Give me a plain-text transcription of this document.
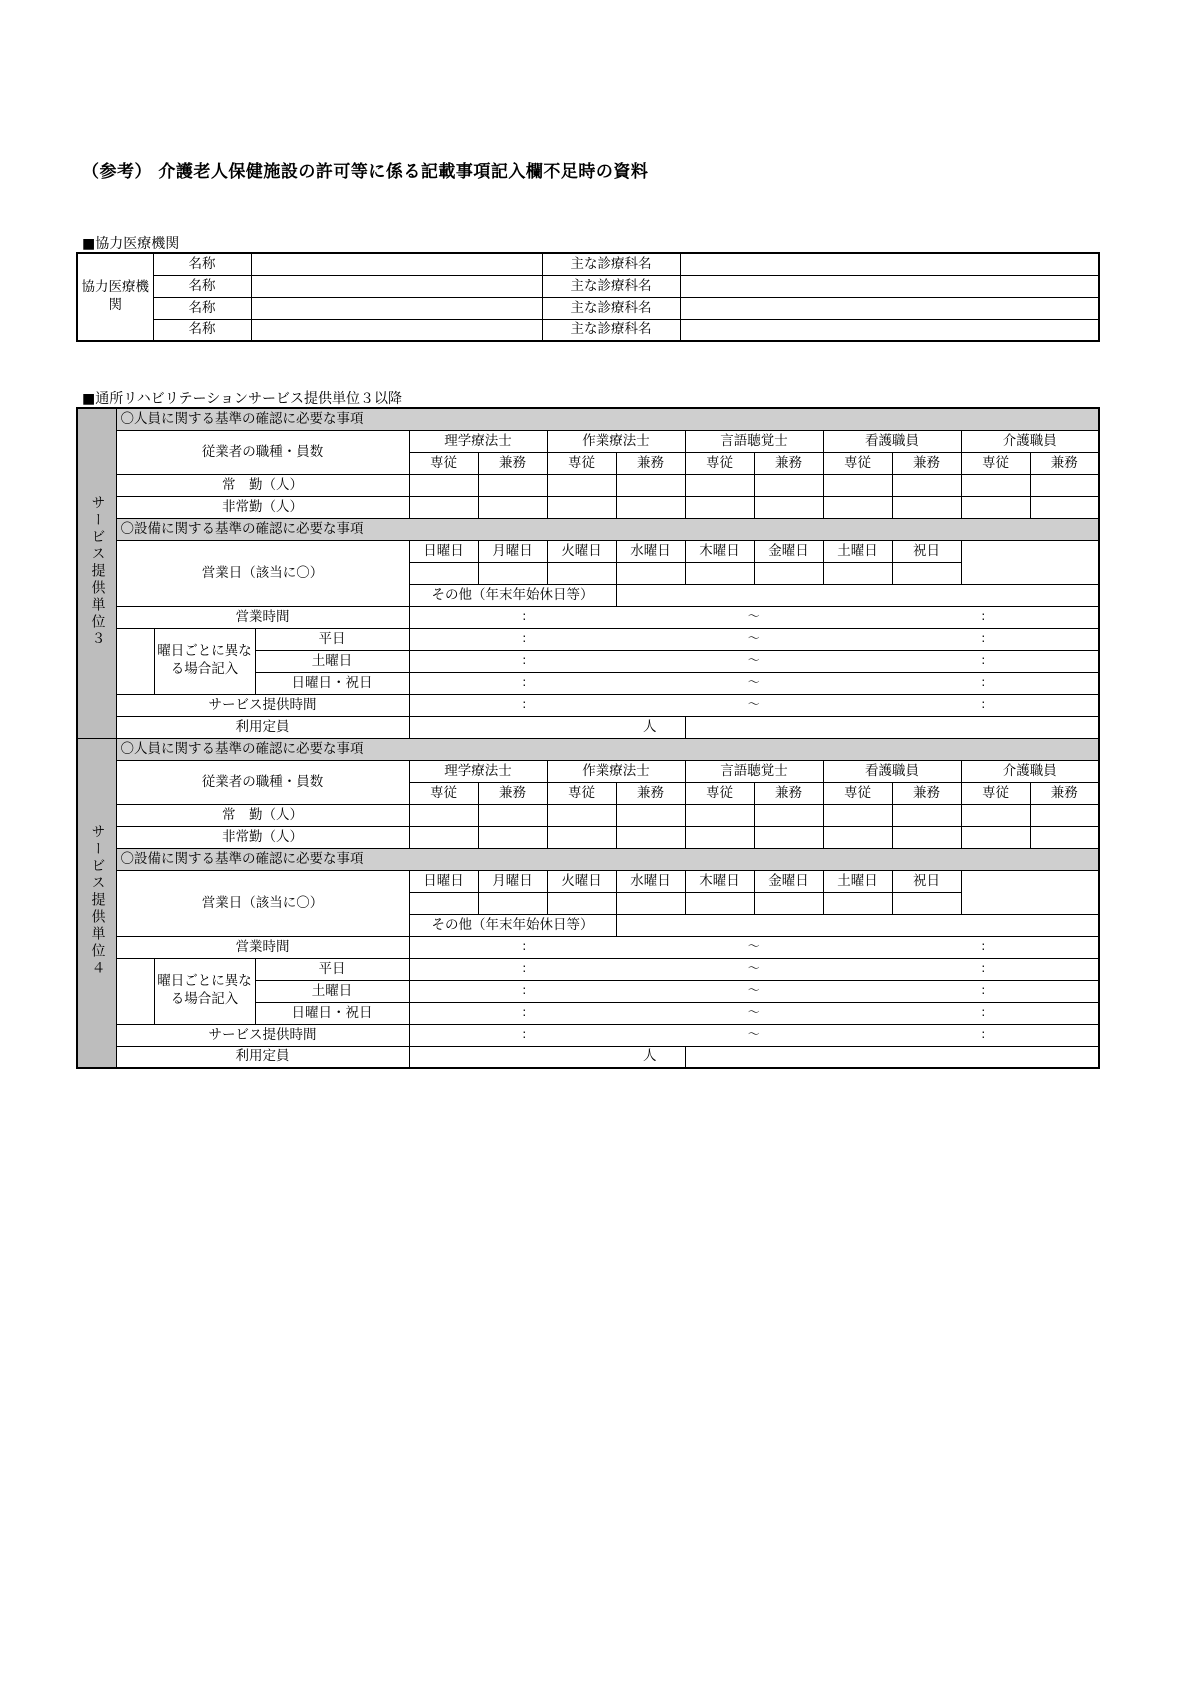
（参考） 介護老人保健施設の許可等に係る記載事項記入欄不足時の資料
■協力医療機関
協力医療機関	名称		主な診療科名	
	名称		主な診療科名	
	名称		主な診療科名	
	名称		主な診療科名	
■通所リハビリテーションサービス提供単位３以降
サービス提供単位３	〇人員に関する基準の確認に必要な事項												
	従業者の職種・員数			理学療法士		作業療法士		言語聴覚士		看護職員		介護職員	
				専従	兼務	専従	兼務	専従	兼務	専従	兼務	専従	兼務
	常　勤（人）												
	非常勤（人）												
	〇設備に関する基準の確認に必要な事項												
	営業日（該当に〇）			日曜日	月曜日	火曜日	水曜日	木曜日	金曜日	土曜日	祝日		

				その他（年末年始休日等）									
	営業時間			: ～ :									

		曜日ごとに異なる場合記入	平日	: ～ :									

			土曜日	: ～ :									

			日曜日・祝日	: ～ :									

	サービス提供時間			: ～ :									

	利用定員			人									
サービス提供単位４	〇人員に関する基準の確認に必要な事項												
	従業者の職種・員数			理学療法士		作業療法士		言語聴覚士		看護職員		介護職員	
				専従	兼務	専従	兼務	専従	兼務	専従	兼務	専従	兼務
	常　勤（人）												
	非常勤（人）												
	〇設備に関する基準の確認に必要な事項												
	営業日（該当に〇）			日曜日	月曜日	火曜日	水曜日	木曜日	金曜日	土曜日	祝日		

				その他（年末年始休日等）									
	営業時間			: ～ :									

		曜日ごとに異なる場合記入	平日	: ～ :									

			土曜日	: ～ :									

			日曜日・祝日	: ～ :									

	サービス提供時間			: ～ :									

	利用定員			人									
